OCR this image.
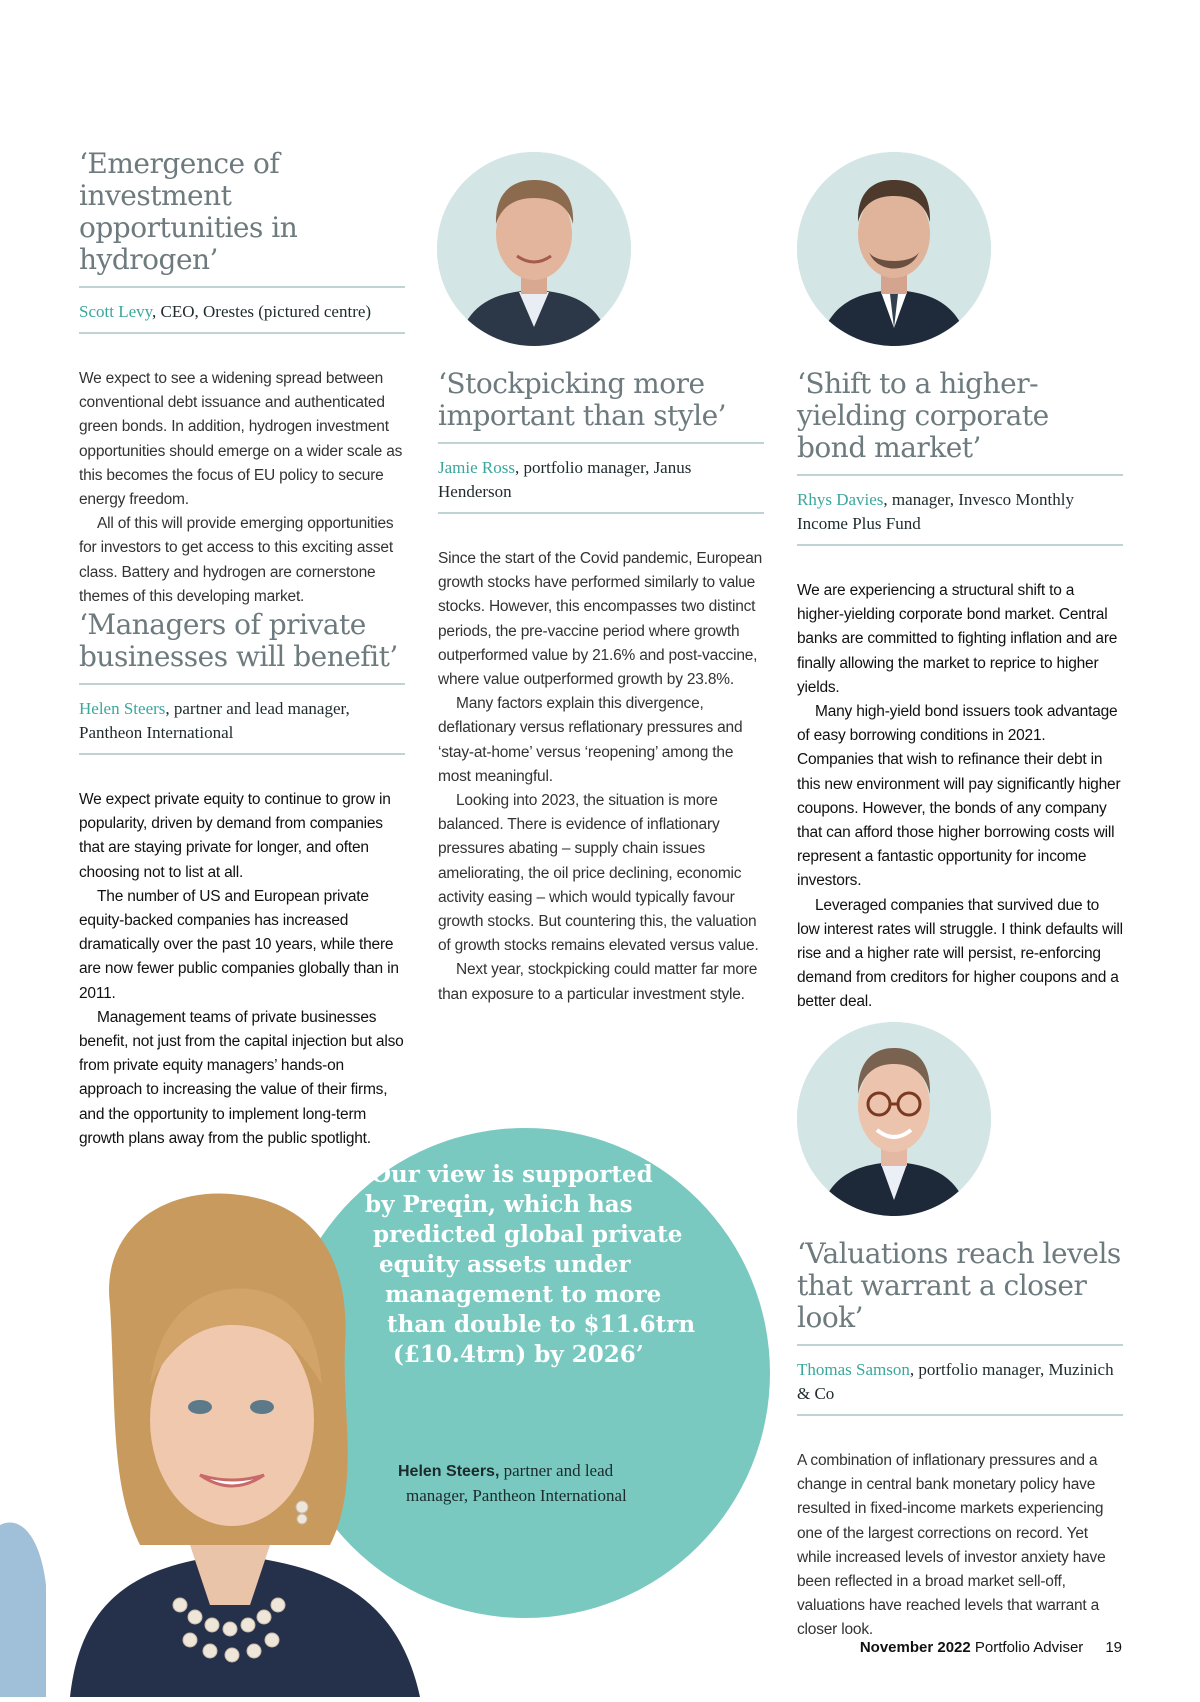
‘Emergence of investment opportunities in hydrogen’
Scott Levy, CEO, Orestes (pictured centre)

We expect to see a widening spread between conventional debt issuance and authenticated green bonds. In addition, hydrogen investment opportunities should emerge on a wider scale as this becomes the focus of EU policy to secure energy freedom.

All of this will provide emerging opportunities for investors to get access to this exciting asset class. Battery and hydrogen are cornerstone themes of this developing market.

‘Managers of private businesses will benefit’
Helen Steers, partner and lead manager, Pantheon International

We expect private equity to continue to grow in popularity, driven by demand from companies that are staying private for longer, and often choosing not to list at all.

The number of US and European private equity-backed companies has increased dramatically over the past 10 years, while there are now fewer public companies globally than in 2011.

Management teams of private businesses benefit, not just from the capital injection but also from private equity managers’ hands-on approach to increasing the value of their firms, and the opportunity to implement long-term growth plans away from the public spotlight.

‘Stockpicking more important than style’
Jamie Ross, portfolio manager, Janus Henderson

Since the start of the Covid pandemic, European growth stocks have performed similarly to value stocks. However, this encompasses two distinct periods, the pre-vaccine period where growth outperformed value by 21.6% and post-vaccine, where value outperformed growth by 23.8%.

Many factors explain this divergence, deflationary versus reflationary pressures and ‘stay-at-home’ versus ‘reopening’ among the most meaningful.

Looking into 2023, the situation is more balanced. There is evidence of inflationary pressures abating – supply chain issues ameliorating, the oil price declining, economic activity easing – which would typically favour growth stocks. But countering this, the valuation of growth stocks remains elevated versus value.

Next year, stockpicking could matter far more than exposure to a particular investment style.

‘Shift to a higher-yielding corporate bond market’
Rhys Davies, manager, Invesco Monthly Income Plus Fund

We are experiencing a structural shift to a higher-yielding corporate bond market. Central banks are committed to fighting inflation and are finally allowing the market to reprice to higher yields.

Many high-yield bond issuers took advantage of easy borrowing conditions in 2021. Companies that wish to refinance their debt in this new environment will pay significantly higher coupons. However, the bonds of any company that can afford those higher borrowing costs will represent a fantastic opportunity for income investors.

Leveraged companies that survived due to low interest rates will struggle. I think defaults will rise and a higher rate will persist, re-enforcing demand from creditors for higher coupons and a better deal.

‘Valuations reach levels that warrant a closer look’
Thomas Samson, portfolio manager, Muzinich & Co

A combination of inflationary pressures and a change in central bank monetary policy have resulted in fixed-income markets experiencing one of the largest corrections on record. Yet while increased levels of investor anxiety have been reflected in a broad market sell-off, valuations have reached levels that warrant a closer look.

‘Our view is supported
by Preqin, which has
predicted global private
equity assets under
management to more
than double to $11.6trn
(£10.4trn) by 2026’
Helen Steers, partner and lead
manager, Pantheon International
November 2022 Portfolio Adviser 19
